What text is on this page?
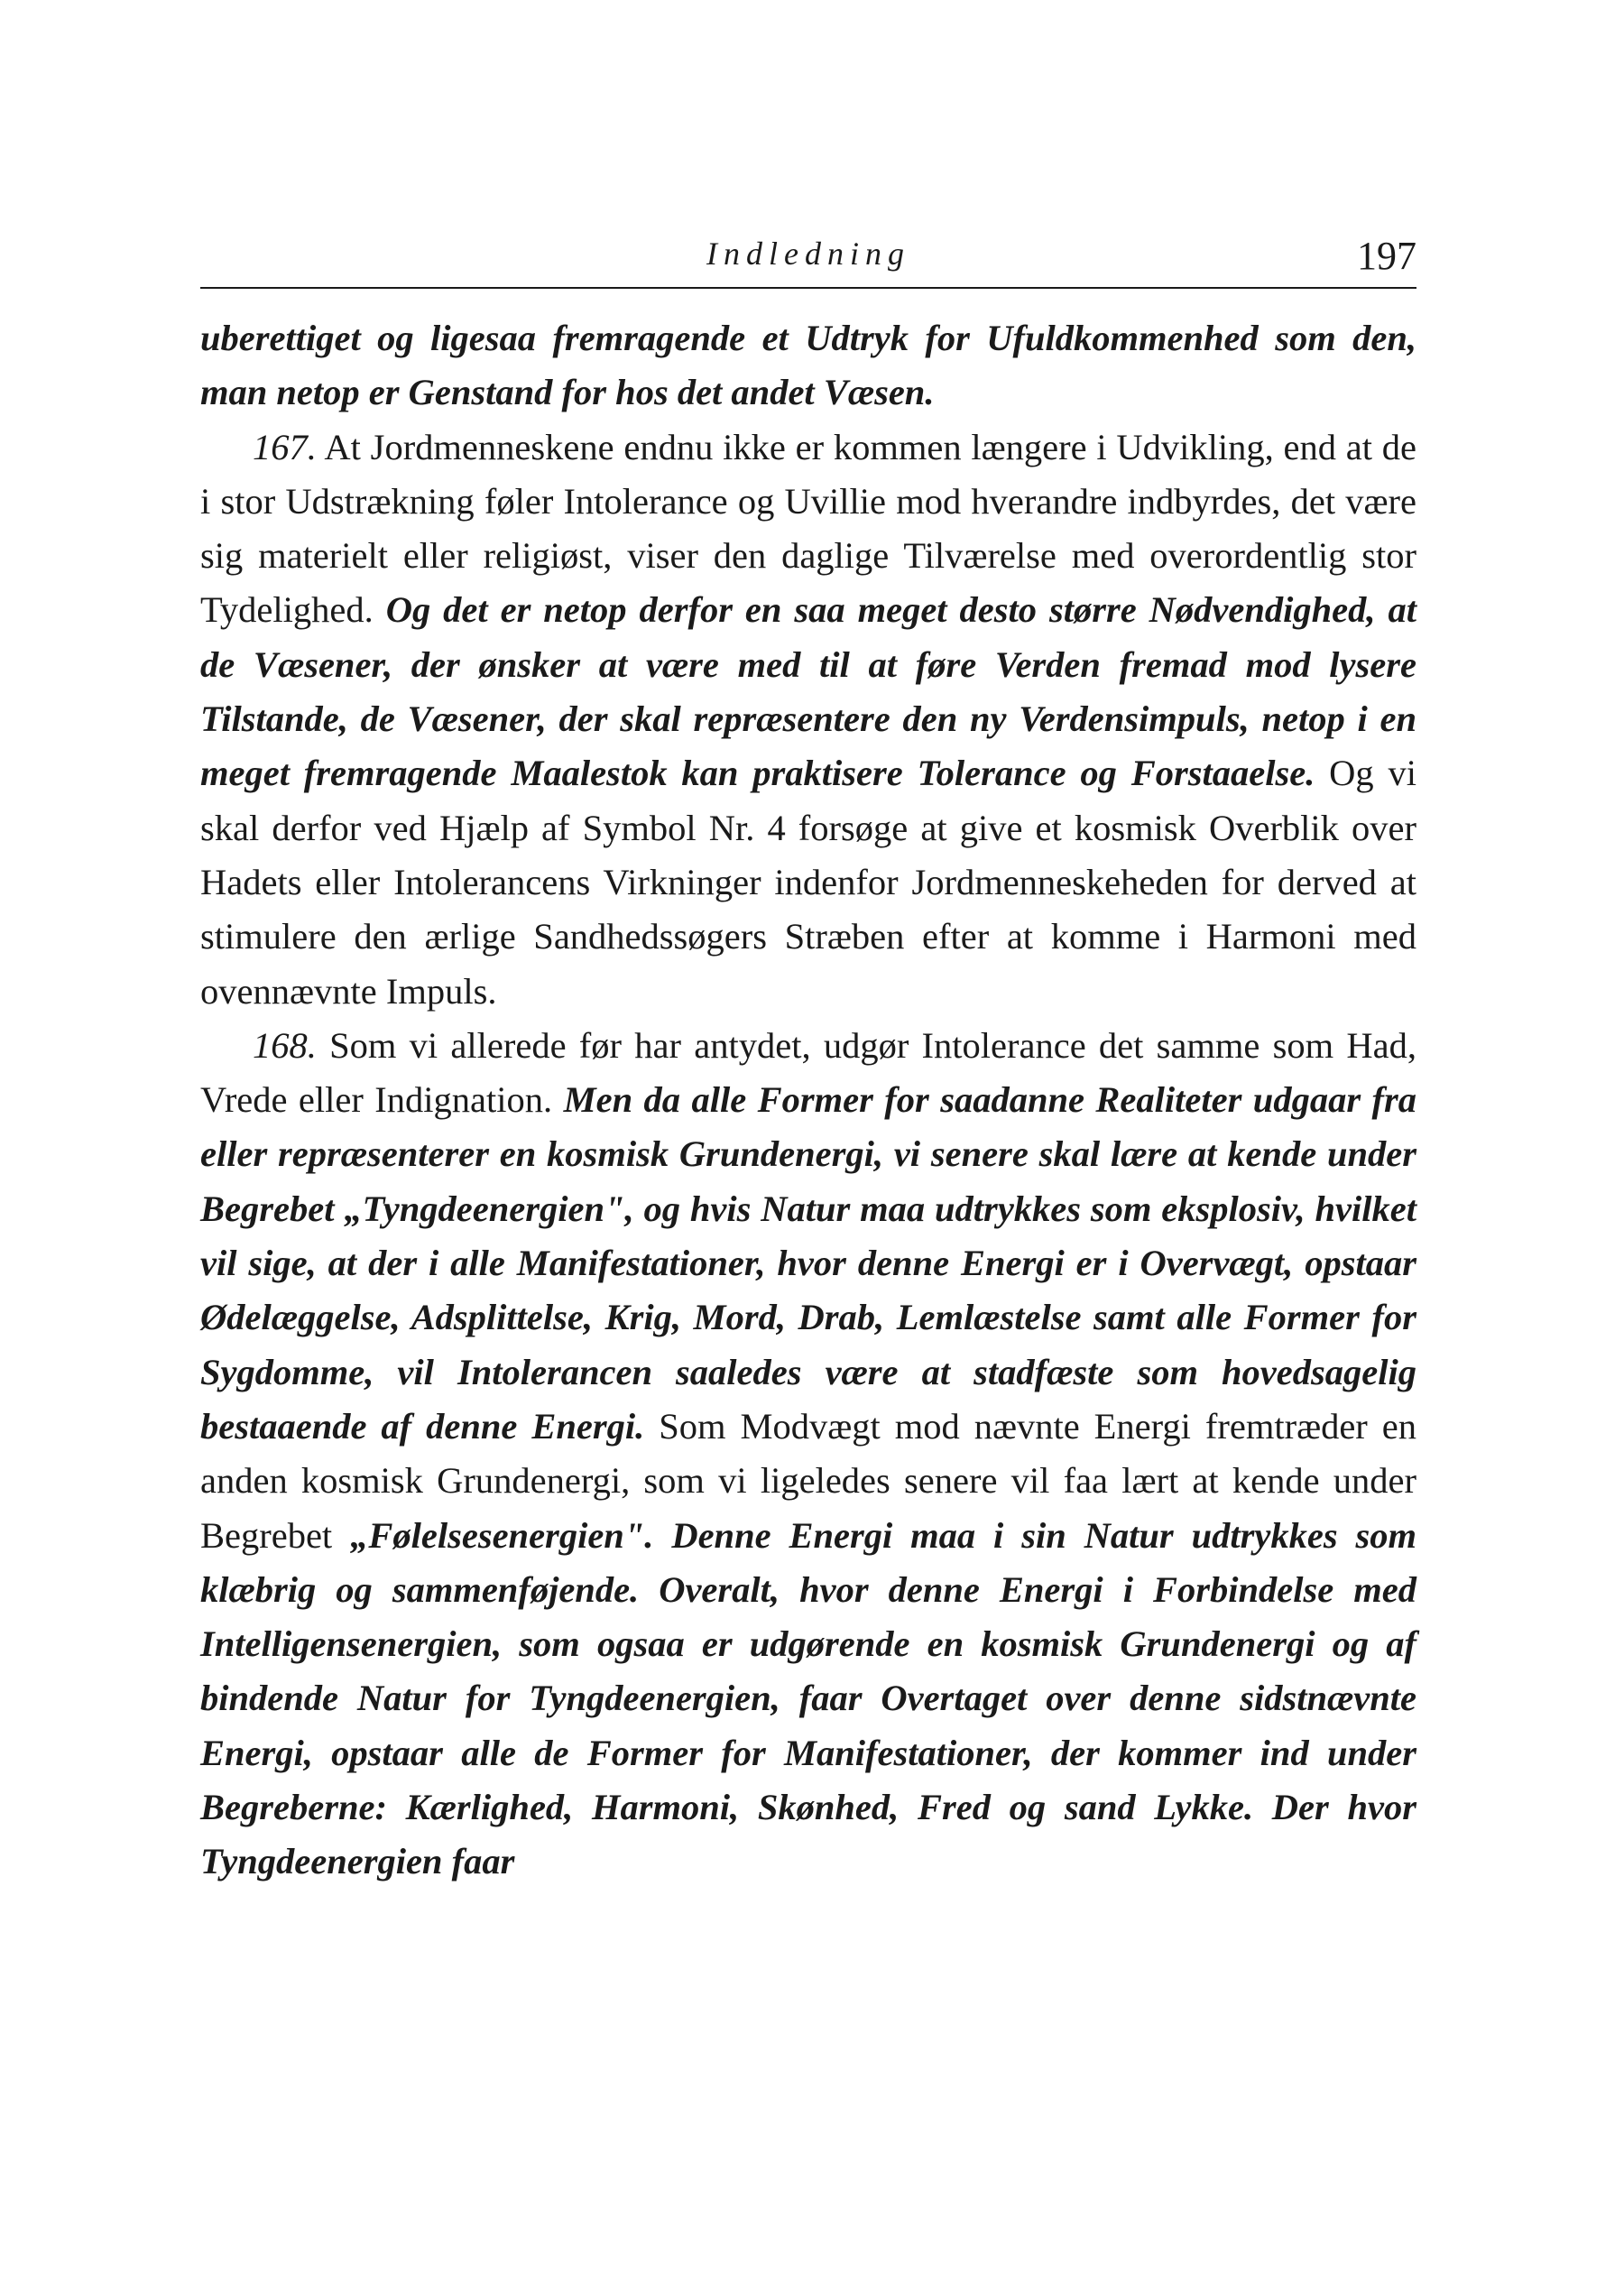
Indledning	197

uberettiget og ligesaa fremragende et Udtryk for Ufuldkommenhed som den, man netop er Genstand for hos det andet Væsen.

167. At Jordmenneskene endnu ikke er kommen længere i Udvikling, end at de i stor Udstrækning føler Intolerance og Uvillie mod hverandre indbyrdes, det være sig materielt eller religiøst, viser den daglige Tilværelse med overordentlig stor Tydelighed. Og det er netop derfor en saa meget desto større Nødvendighed, at de Væsener, der ønsker at være med til at føre Verden fremad mod lysere Tilstande, de Væsener, der skal repræsentere den ny Verdensimpuls, netop i en meget fremragende Maalestok kan praktisere Tolerance og Forstaaelse. Og vi skal derfor ved Hjælp af Symbol Nr. 4 forsøge at give et kosmisk Overblik over Hadets eller Intolerancens Virkninger indenfor Jordmenneskeheden for derved at stimulere den ærlige Sandhedssøgers Stræben efter at komme i Harmoni med ovennævnte Impuls.

168. Som vi allerede før har antydet, udgør Intolerance det samme som Had, Vrede eller Indignation. Men da alle Former for saadanne Realiteter udgaar fra eller repræsenterer en kosmisk Grundenergi, vi senere skal lære at kende under Begrebet „Tyngdeenergien", og hvis Natur maa udtrykkes som eksplosiv, hvilket vil sige, at der i alle Manifestationer, hvor denne Energi er i Overvægt, opstaar Ødelæggelse, Adsplittelse, Krig, Mord, Drab, Lemlæstelse samt alle Former for Sygdomme, vil Intolerancen saaledes være at stadfæste som hovedsagelig bestaaende af denne Energi. Som Modvægt mod nævnte Energi fremtræder en anden kosmisk Grundenergi, som vi ligeledes senere vil faa lært at kende under Begrebet „Følelsesenergien". Denne Energi maa i sin Natur udtrykkes som klæbrig og sammenføjende. Overalt, hvor denne Energi i Forbindelse med Intelligensenergien, som ogsaa er udgørende en kosmisk Grundenergi og af bindende Natur for Tyngdeenergien, faar Overtaget over denne sidstnævnte Energi, opstaar alle de Former for Manifestationer, der kommer ind under Begreberne: Kærlighed, Harmoni, Skønhed, Fred og sand Lykke. Der hvor Tyngdeenergien faar
